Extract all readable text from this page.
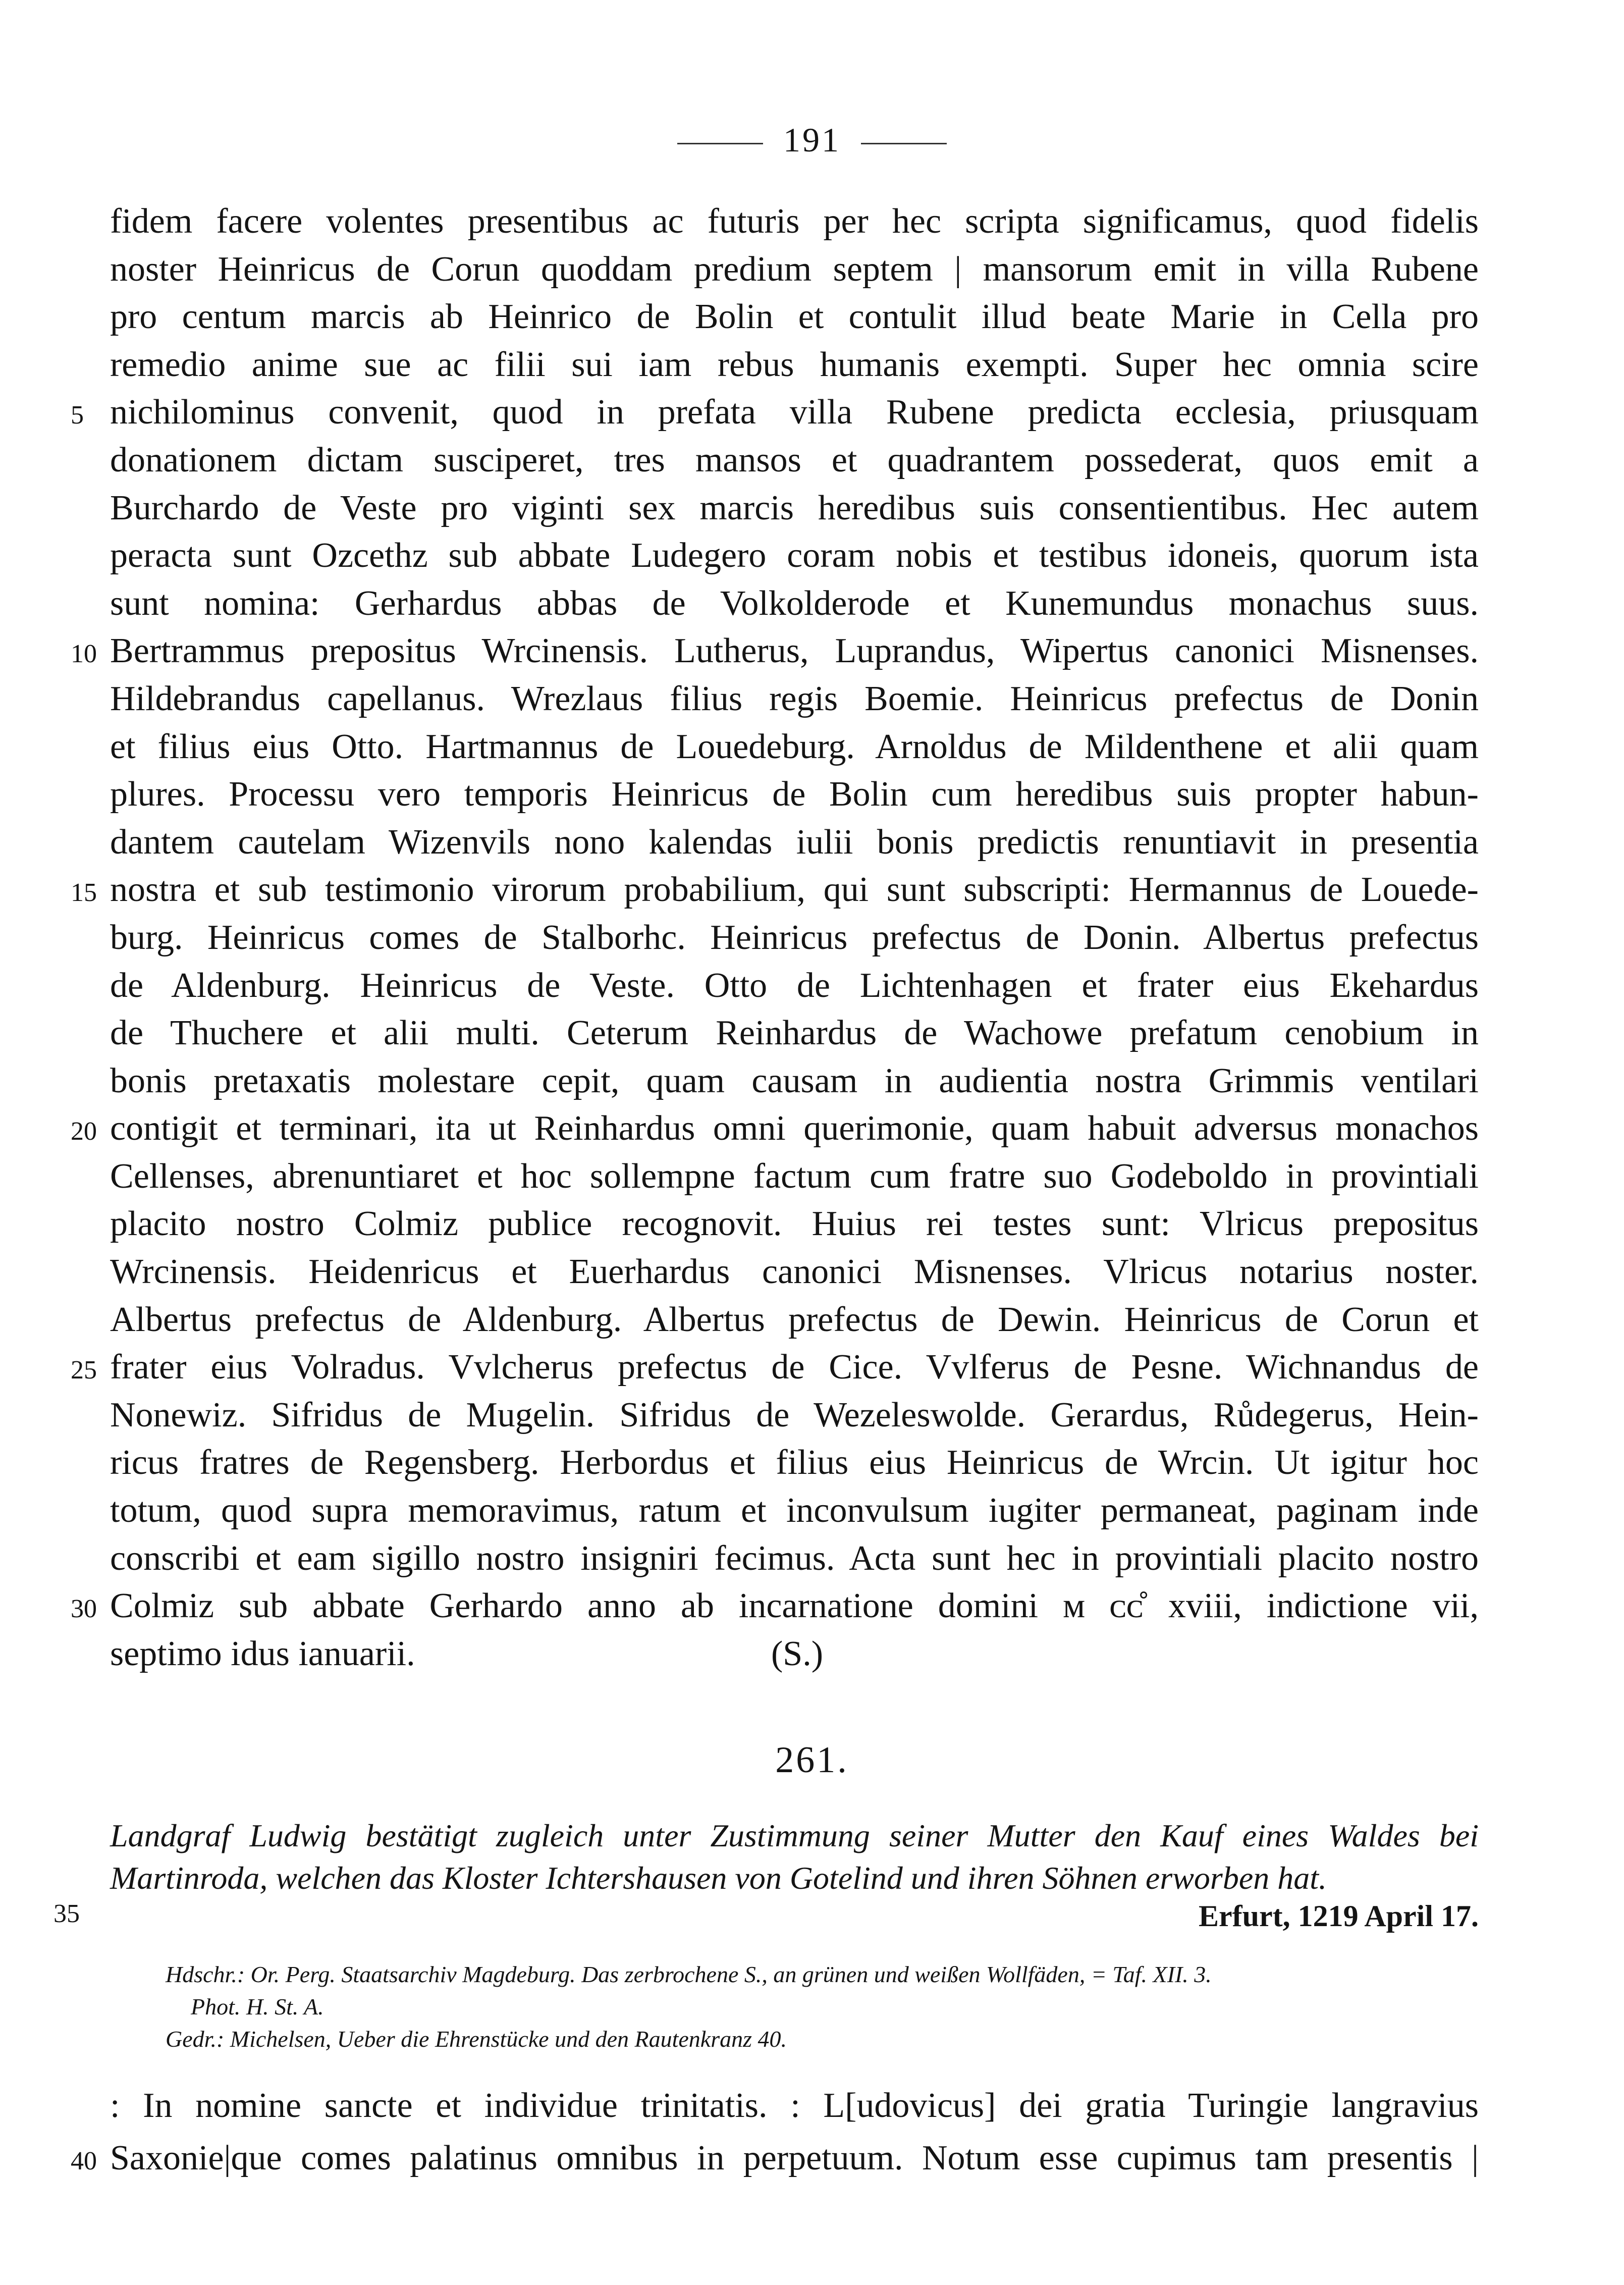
191
fidem facere volentes presentibus ac futuris per hec scripta significamus, quod fidelis
noster Heinricus de Corun quoddam predium septem | mansorum emit in villa Rubene
pro centum marcis ab Heinrico de Bolin et contulit illud beate Marie in Cella pro
remedio anime sue ac filii sui iam rebus humanis exempti. Super hec omnia scire
5 nichilominus convenit, quod in prefata villa Rubene predicta ecclesia, priusquam
donationem dictam susciperet, tres mansos et quadrantem possederat, quos emit a
Burchardo de Veste pro viginti sex marcis heredibus suis consentientibus. Hec autem
peracta sunt Ozcethz sub abbate Ludegero coram nobis et testibus idoneis, quorum ista
sunt nomina: Gerhardus abbas de Volkolderode et Kunemundus monachus suus.
10 Bertrammus prepositus Wrcinensis. Lutherus, Luprandus, Wipertus canonici Misnenses.
Hildebrandus capellanus. Wrezlaus filius regis Boemie. Heinricus prefectus de Donin
et filius eius Otto. Hartmannus de Louedeburg. Arnoldus de Mildenthene et alii quam
plures. Processu vero temporis Heinricus de Bolin cum heredibus suis propter habun-
dantem cautelam Wizenvils nono kalendas iulii bonis predictis renuntiavit in presentia
15 nostra et sub testimonio virorum probabilium, qui sunt subscripti: Hermannus de Louede-
burg. Heinricus comes de Stalborhc. Heinricus prefectus de Donin. Albertus prefectus
de Aldenburg. Heinricus de Veste. Otto de Lichtenhagen et frater eius Ekehardus
de Thuchere et alii multi. Ceterum Reinhardus de Wachowe prefatum cenobium in
bonis pretaxatis molestare cepit, quam causam in audientia nostra Grimmis ventilari
20 contigit et terminari, ita ut Reinhardus omni querimonie, quam habuit adversus monachos
Cellenses, abrenuntiaret et hoc sollempne factum cum fratre suo Godeboldo in provintiali
placito nostro Colmiz publice recognovit. Huius rei testes sunt: Vlricus prepositus
Wrcinensis. Heidenricus et Euerhardus canonici Misnenses. Vlricus notarius noster.
Albertus prefectus de Aldenburg. Albertus prefectus de Dewin. Heinricus de Corun et
25 frater eius Volradus. Vvlcherus prefectus de Cice. Vvlferus de Pesne. Wichnandus de
Nonewiz. Sifridus de Mugelin. Sifridus de Wezeleswolde. Gerardus, Růdegerus, Hein-
ricus fratres de Regensberg. Herbordus et filius eius Heinricus de Wrcin. Ut igitur hoc
totum, quod supra memoravimus, ratum et inconvulsum iugiter permaneat, paginam inde
conscribi et eam sigillo nostro insigniri fecimus. Acta sunt hec in provintiali placito nostro
30 Colmiz sub abbate Gerhardo anno ab incarnatione domini ᴍ ᴄᴄ̊ xviii, indictione vii,
septimo idus ianuarii.	(S.)
261.
Landgraf Ludwig bestätigt zugleich unter Zustimmung seiner Mutter den Kauf eines Waldes bei
Martinroda, welchen das Kloster Ichtershausen von Gotelind und ihren Söhnen erworben hat.
35	Erfurt, 1219 April 17.
Hdschr.: Or. Perg. Staatsarchiv Magdeburg. Das zerbrochene S., an grünen und weißen Wollfäden, = Taf. XII. 3.
Phot. H. St. A.
Gedr.: Michelsen, Ueber die Ehrenstücke und den Rautenkranz 40.
: In nomine sancte et individue trinitatis. : L[udovicus] dei gratia Turingie langravius
40 Saxonie|que comes palatinus omnibus in perpetuum. Notum esse cupimus tam presentis |
